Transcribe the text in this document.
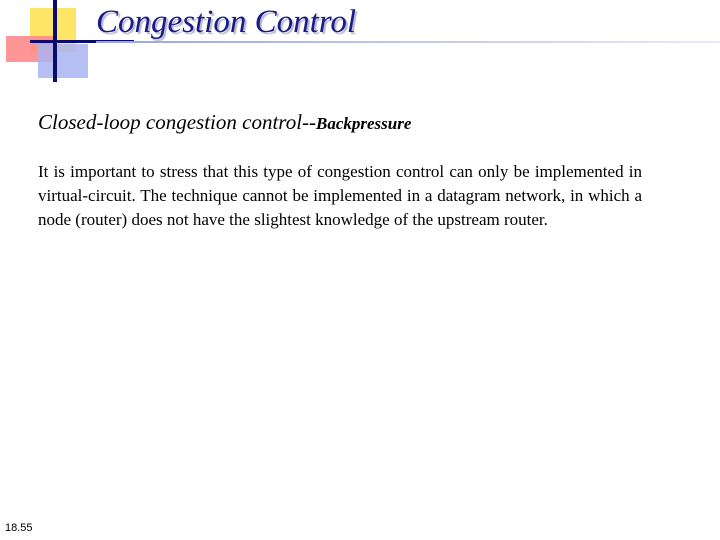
Congestion Control

Closed-loop congestion control--Backpressure

It is important to stress that this type of congestion control can only be implemented in virtual-circuit. The technique cannot be implemented in a datagram network, in which a node (router) does not have the slightest knowledge of the upstream router.

18.55
